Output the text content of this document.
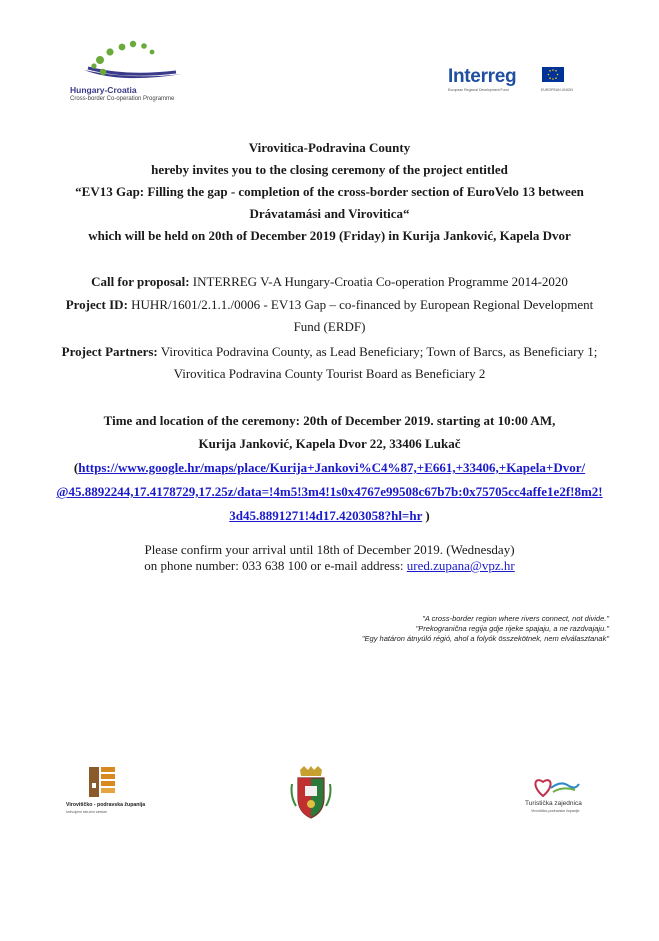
Hungary-Croatia
Cross-border Co-operation Programme
Interreg
European Regional Development Fund	EUROPEAN UNION
Virovitica-Podravina County
hereby invites you to the closing ceremony of the project entitled
“EV13 Gap: Filling the gap - completion of the cross-border section of EuroVelo 13 between
Drávatamási and Virovitica“
which will be held on 20th of December 2019 (Friday) in Kurija Janković, Kapela Dvor
Call for proposal: INTERREG V-A Hungary-Croatia Co-operation Programme 2014-2020
Project ID: HUHR/1601/2.1.1./0006 - EV13 Gap – co-financed by European Regional Development
Fund (ERDF)
Project Partners: Virovitica Podravina County, as Lead Beneficiary; Town of Barcs, as Beneficiary 1;
Virovitica Podravina County Tourist Board as Beneficiary 2
Time and location of the ceremony: 20th of December 2019. starting at 10:00 AM,
Kurija Janković, Kapela Dvor 22, 33406 Lukač
(https://www.google.hr/maps/place/Kurija+Jankovi%C4%87,+E661,+33406,+Kapela+Dvor/
@45.8892244,17.4178729,17.25z/data=!4m5!3m4!1s0x4767e99508c67b7b:0x75705cc4affe1e2f!8m2!
3d45.8891271!4d17.4203058?hl=hr )
Please confirm your arrival until 18th of December 2019. (Wednesday)
on phone number: 033 638 100 or e-mail address: ured.zupana@vpz.hr
"A cross-border region where rivers connect, not divide."
"Prekogranična regija gdje rijeke spajaju, a ne razdvajaju."
"Egy határon átnyúló régió, ahol a folyók összekötnek, nem elválasztanak"
Virovitičko - podravska županija
Izdvojeni stručni centar
Turistička zajednica
Virovitičko-podravske županije
